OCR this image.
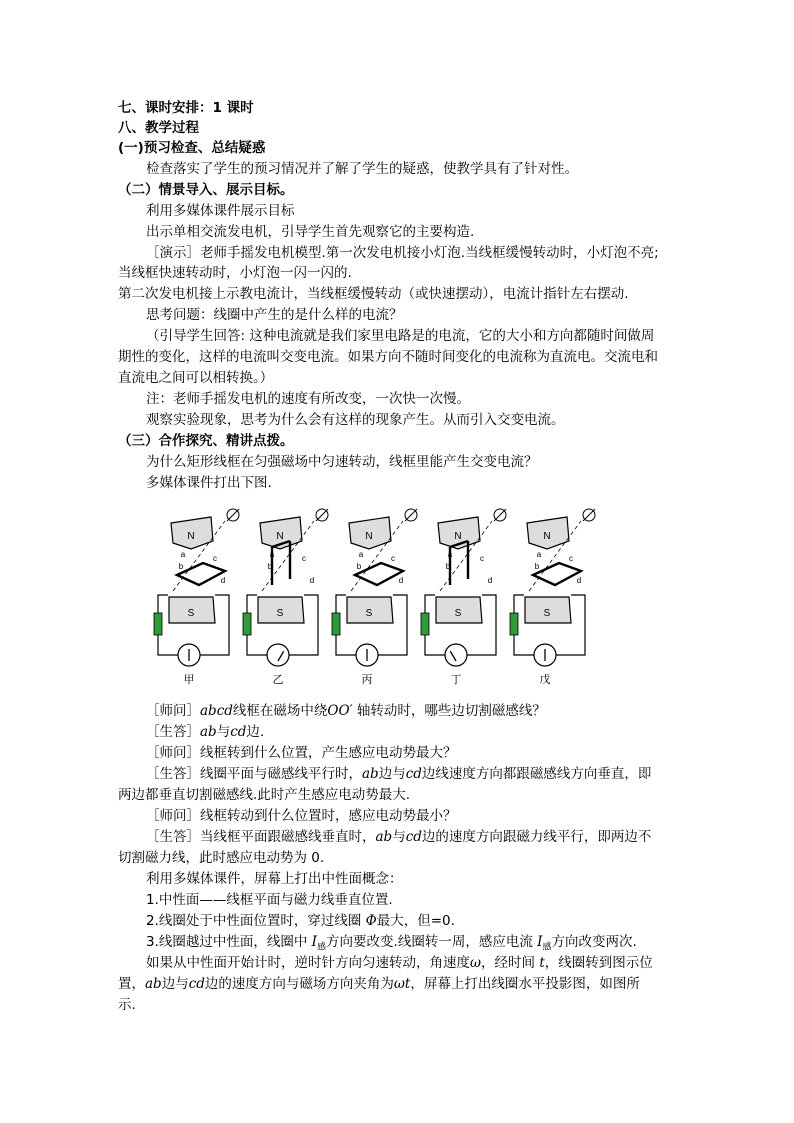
七、课时安排：1 课时
八、教学过程
(一)预习检查、总结疑惑
检查落实了学生的预习情况并了解了学生的疑惑，使教学具有了针对性。
（二）情景导入、展示目标。
利用多媒体课件展示目标
出示单相交流发电机，引导学生首先观察它的主要构造.
［演示］老师手摇发电机模型.第一次发电机接小灯泡.当线框缓慢转动时，小灯泡不亮;
当线框快速转动时，小灯泡一闪一闪的.
第二次发电机接上示教电流计，当线框缓慢转动（或快速摆动），电流计指针左右摆动.
思考问题：线圈中产生的是什么样的电流？
（引导学生回答: 这种电流就是我们家里电路是的电流，它的大小和方向都随时间做周
期性的变化，这样的电流叫交变电流。如果方向不随时间变化的电流称为直流电。交流电和
直流电之间可以相转换。）
注：老师手摇发电机的速度有所改变，一次快一次慢。
观察实验现象，思考为什么会有这样的现象产生。从而引入交变电流。
（三）合作探究、精讲点拨。
为什么矩形线框在匀强磁场中匀速转动，线框里能产生交变电流？
多媒体课件打出下图.
甲
N
S
a
b
c
d
乙
N
S
a
b
c
d
丙
N
S
a
b
c
d
丁
N
S
a
b
c
d
戊
N
S
a
b
c
d
［师问］abcd线框在磁场中绕OO′ 轴转动时，哪些边切割磁感线？
［生答］ab与cd边.
［师问］线框转到什么位置，产生感应电动势最大？
［生答］线圈平面与磁感线平行时，ab边与cd边线速度方向都跟磁感线方向垂直，即
两边都垂直切割磁感线.此时产生感应电动势最大.
［师问］线框转动到什么位置时，感应电动势最小？
［生答］当线框平面跟磁感线垂直时，ab与cd边的速度方向跟磁力线平行，即两边不
切割磁力线，此时感应电动势为 0.
利用多媒体课件，屏幕上打出中性面概念：
1.中性面——线框平面与磁力线垂直位置.
2.线圈处于中性面位置时，穿过线圈 Φ最大，但=0.
3.线圈越过中性面，线圈中 $I_感$方向要改变.线圈转一周，感应电流 $I_感$方向改变两次.
如果从中性面开始计时，逆时针方向匀速转动，角速度ω，经时间 t，线圈转到图示位
置，ab边与cd边的速度方向与磁场方向夹角为ωt，屏幕上打出线圈水平投影图，如图所
示.
